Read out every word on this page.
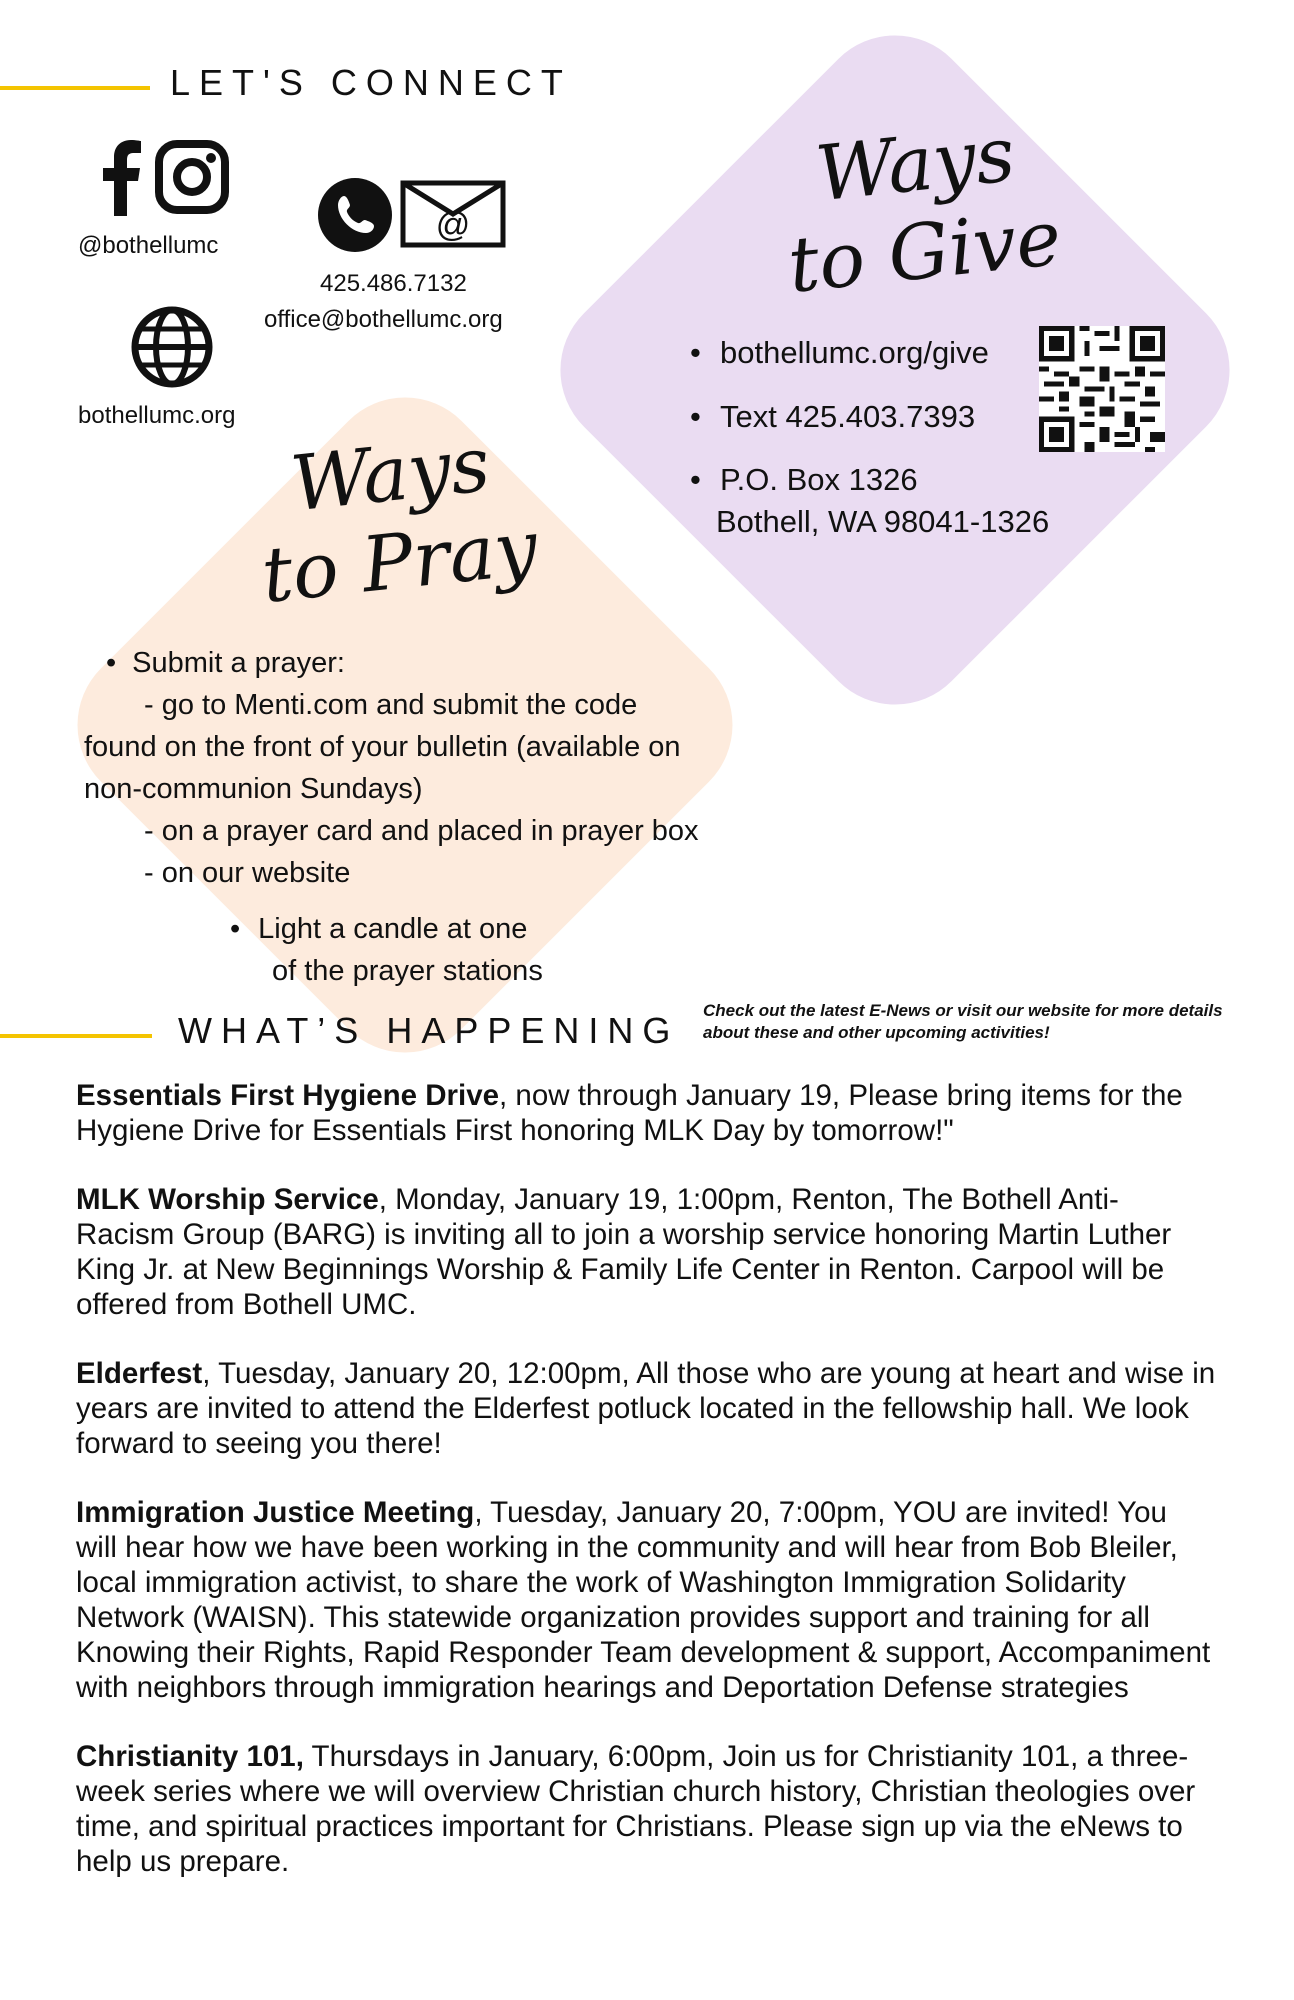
LET'S CONNECT
@bothellumc
@
425.486.7132
office@bothellumc.org
bothellumc.org
Ways
to Give
• bothellumc.org/give
• Text 425.403.7393
• P.O. Box 1326
Bothell, WA 98041-1326
Ways
to Pray
• Submit a prayer:
- go to Menti.com and submit the code
found on the front of your bulletin (available on
non-communion Sundays)
- on a prayer card and placed in prayer box
- on our website
• Light a candle at one
of the prayer stations
WHAT’S HAPPENING Check out the latest E-News or visit our website for more details about these and other upcoming activities!
Essentials First Hygiene Drive, now through January 19, Please bring items for the Hygiene Drive for Essentials First honoring MLK Day by tomorrow!"
MLK Worship Service, Monday, January 19, 1:00pm, Renton, The Bothell Anti-Racism Group (BARG) is inviting all to join a worship service honoring Martin Luther King Jr. at New Beginnings Worship & Family Life Center in Renton. Carpool will be offered from Bothell UMC.
Elderfest, Tuesday, January 20, 12:00pm, All those who are young at heart and wise in years are invited to attend the Elderfest potluck located in the fellowship hall. We look forward to seeing you there!
Immigration Justice Meeting, Tuesday, January 20, 7:00pm, YOU are invited! You will hear how we have been working in the community and will hear from Bob Bleiler, local immigration activist, to share the work of Washington Immigration Solidarity Network (WAISN). This statewide organization provides support and training for all Knowing their Rights, Rapid Responder Team development & support, Accompaniment with neighbors through immigration hearings and Deportation Defense strategies
Christianity 101, Thursdays in January, 6:00pm, Join us for Christianity 101, a three-week series where we will overview Christian church history, Christian theologies over time, and spiritual practices important for Christians. Please sign up via the eNews to help us prepare.
